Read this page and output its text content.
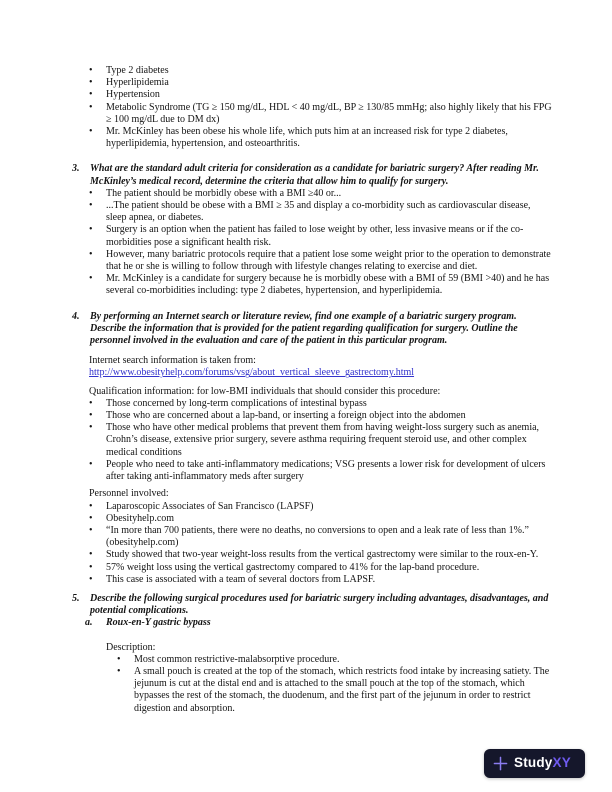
• Type 2 diabetes
• Hyperlipidemia
• Hypertension
• Metabolic Syndrome (TG ≥ 150 mg/dL, HDL < 40 mg/dL, BP ≥ 130/85 mmHg; also highly likely that his FPG ≥ 100 mg/dL due to DM dx)
• Mr. McKinley has been obese his whole life, which puts him at an increased risk for type 2 diabetes, hyperlipidemia, hypertension, and osteoarthritis.
3.	What are the standard adult criteria for consideration as a candidate for bariatric surgery? After reading Mr. McKinley’s medical record, determine the criteria that allow him to qualify for surgery.
• The patient should be morbidly obese with a BMI ≥40 or...
• ...The patient should be obese with a BMI ≥ 35 and display a co-morbidity such as cardiovascular disease, sleep apnea, or diabetes.
• Surgery is an option when the patient has failed to lose weight by other, less invasive means or if the co-morbidities pose a significant health risk.
• However, many bariatric protocols require that a patient lose some weight prior to the operation to demonstrate that he or she is willing to follow through with lifestyle changes relating to exercise and diet.
• Mr. McKinley is a candidate for surgery because he is morbidly obese with a BMI of 59 (BMI >40) and he has several co-morbidities including: type 2 diabetes, hypertension, and hyperlipidemia.
4.	By performing an Internet search or literature review, find one example of a bariatric surgery program. Describe the information that is provided for the patient regarding qualification for surgery. Outline the personnel involved in the evaluation and care of the patient in this particular program.
Internet search information is taken from:
http://www.obesityhelp.com/forums/vsg/about_vertical_sleeve_gastrectomy.html
Qualification information: for low-BMI individuals that should consider this procedure:
• Those concerned by long-term complications of intestinal bypass
• Those who are concerned about a lap-band, or inserting a foreign object into the abdomen
• Those who have other medical problems that prevent them from having weight-loss surgery such as anemia, Crohn’s disease, extensive prior surgery, severe asthma requiring frequent steroid use, and other complex medical conditions
• People who need to take anti-inflammatory medications; VSG presents a lower risk for development of ulcers after taking anti-inflammatory meds after surgery
Personnel involved:
• Laparoscopic Associates of San Francisco (LAPSF)
• Obesityhelp.com
• “In more than 700 patients, there were no deaths, no conversions to open and a leak rate of less than 1%.” (obesityhelp.com)
• Study showed that two-year weight-loss results from the vertical gastrectomy were similar to the roux-en-Y.
• 57% weight loss using the vertical gastrectomy compared to 41% for the lap-band procedure.
• This case is associated with a team of several doctors from LAPSF.
5.	Describe the following surgical procedures used for bariatric surgery including advantages, disadvantages, and potential complications.
a.	Roux-en-Y gastric bypass
Description:
• Most common restrictive-malabsorptive procedure.
• A small pouch is created at the top of the stomach, which restricts food intake by increasing satiety. The jejunum is cut at the distal end and is attached to the small pouch at the top of the stomach, which bypasses the rest of the stomach, the duodenum, and the first part of the jejunum in order to restrict digestion and absorption.
StudyXY
